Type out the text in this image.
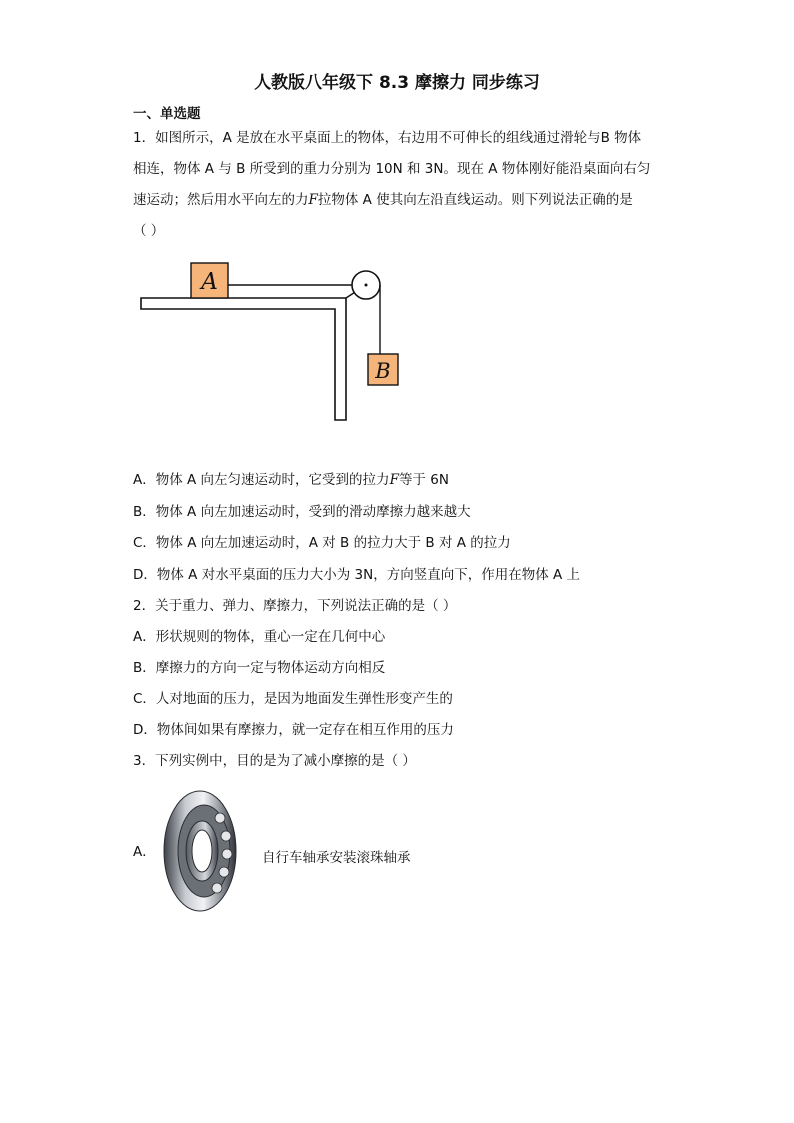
人教版八年级下 8.3 摩擦力 同步练习
一、单选题
1．如图所示，A 是放在水平桌面上的物体，右边用不可伸长的组线通过滑轮与B 物体
相连，物体 A 与 B 所受到的重力分别为 10N 和 3N。现在 A 物体刚好能沿桌面向右匀
速运动；然后用水平向左的力F拉物体 A 使其向左沿直线运动。则下列说法正确的是
（ ）
A
B
A．物体 A 向左匀速运动时，它受到的拉力F等于 6N
B．物体 A 向左加速运动时，受到的滑动摩擦力越来越大
C．物体 A 向左加速运动时，A 对 B 的拉力大于 B 对 A 的拉力
D．物体 A 对水平桌面的压力大小为 3N，方向竖直向下，作用在物体 A 上
2．关于重力、弹力、摩擦力，下列说法正确的是（ ）
A．形状规则的物体，重心一定在几何中心
B．摩擦力的方向一定与物体运动方向相反
C．人对地面的压力，是因为地面发生弹性形变产生的
D．物体间如果有摩擦力，就一定存在相互作用的压力
3．下列实例中，目的是为了减小摩擦的是（ ）
A．	自行车轴承安装滚珠轴承
